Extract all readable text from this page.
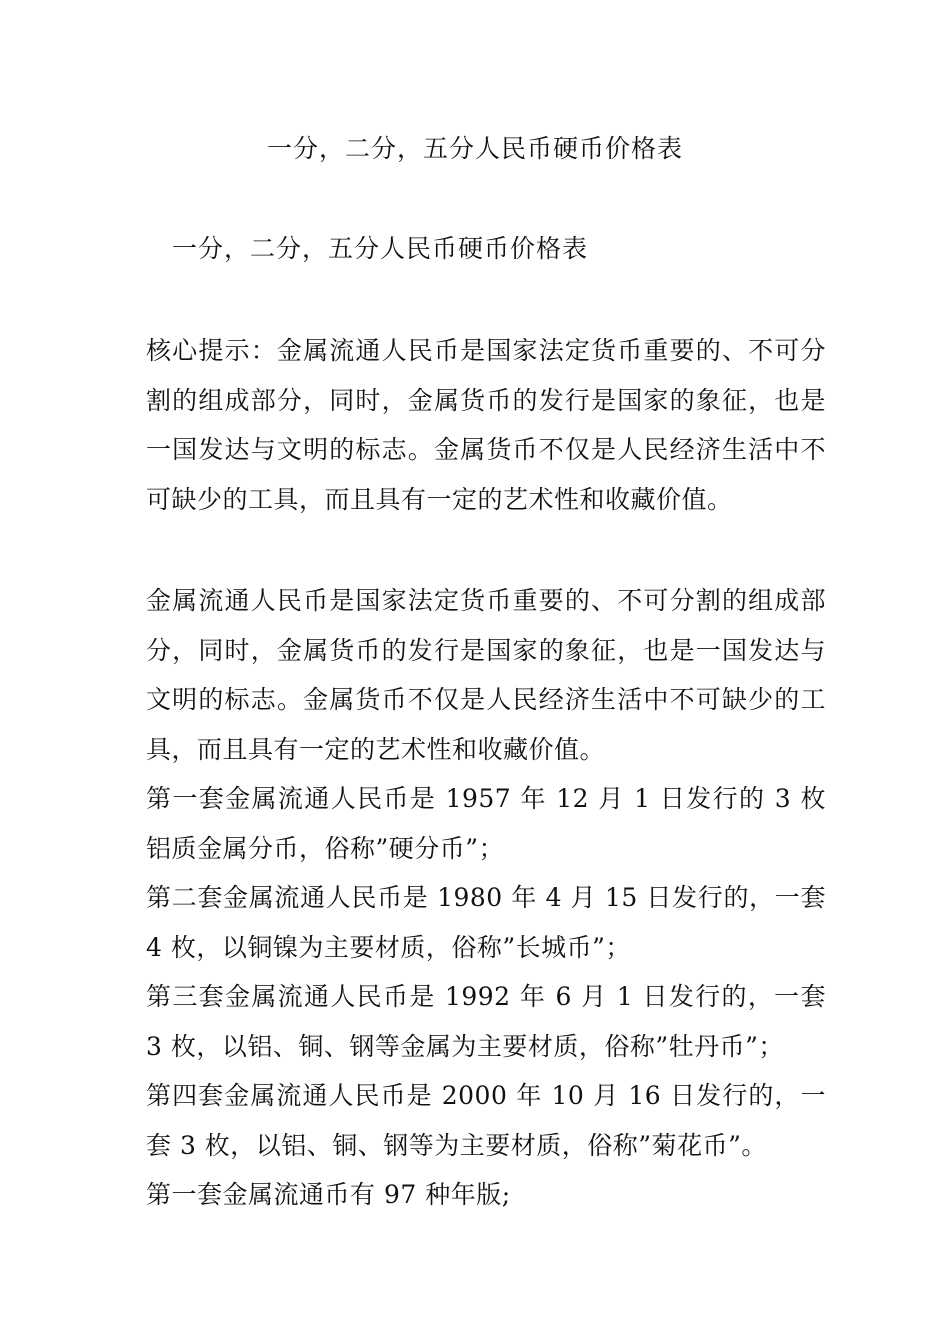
一分，二分，五分人民币硬币价格表
一分，二分，五分人民币硬币价格表

核心提示：金属流通人民币是国家法定货币重要的、不可分割的组成部分，同时，金属货币的发行是国家的象征，也是一国发达与文明的标志。金属货币不仅是人民经济生活中不可缺少的工具，而且具有一定的艺术性和收藏价值。

金属流通人民币是国家法定货币重要的、不可分割的组成部分，同时，金属货币的发行是国家的象征，也是一国发达与文明的标志。金属货币不仅是人民经济生活中不可缺少的工具，而且具有一定的艺术性和收藏价值。

第一套金属流通人民币是 1957 年 12 月 1 日发行的 3 枚铝质金属分币，俗称”硬分币”；

第二套金属流通人民币是 1980 年 4 月 15 日发行的，一套 4 枚，以铜镍为主要材质，俗称”长城币”；

第三套金属流通人民币是 1992 年 6 月 1 日发行的，一套 3 枚，以铝、铜、钢等金属为主要材质，俗称”牡丹币”；

第四套金属流通人民币是 2000 年 10 月 16 日发行的，一套 3 枚，以铝、铜、钢等为主要材质，俗称”菊花币”。

第一套金属流通币有 97 种年版;
